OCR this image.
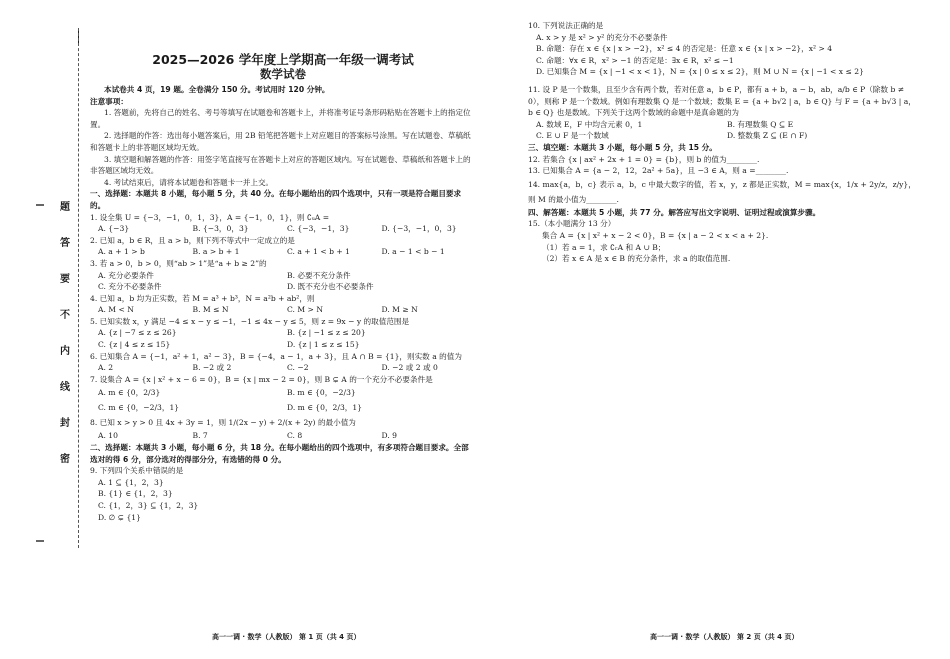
题
答
要
不
内
线
封
密
2025—2026 学年度上学期高一年级一调考试
数学试卷
本试卷共 4 页，19 题。全卷满分 150 分。考试用时 120 分钟。
注意事项：
1. 答题前，先将自己的姓名、考号等填写在试题卷和答题卡上，并将准考证号条形码粘贴在答题卡上的指定位置。
2. 选择题的作答：选出每小题答案后，用 2B 铅笔把答题卡上对应题目的答案标号涂黑。写在试题卷、草稿纸和答题卡上的非答题区域均无效。
3. 填空题和解答题的作答：用签字笔直接写在答题卡上对应的答题区域内。写在试题卷、草稿纸和答题卡上的非答题区域均无效。
4. 考试结束后，请将本试题卷和答题卡一并上交。
一、选择题：本题共 8 小题，每小题 5 分，共 40 分。在每小题给出的四个选项中，只有一项是符合题目要求的。
1. 设全集 U = {−3，−1，0，1，3}，A = {−1，0，1}，则 ∁ᵤA =
A. {−3}	B. {−3，0，3}	C. {−3，−1，3}	D. {−3，−1，0，3}
2. 已知 a，b ∈ R，且 a > b，则下列不等式中一定成立的是
A. a + 1 > b	B. a > b + 1	C. a + 1 < b + 1	D. a − 1 < b − 1
3. 若 a > 0，b > 0，则“ab > 1”是“a + b ≥ 2”的
A. 充分必要条件	B. 必要不充分条件
C. 充分不必要条件	D. 既不充分也不必要条件
4. 已知 a，b 均为正实数，若 M = a³ + b³，N = a²b + ab²，则
A. M < N	B. M ≤ N	C. M > N	D. M ≥ N
5. 已知实数 x，y 满足 −4 ≤ x − y ≤ −1，−1 ≤ 4x − y ≤ 5，则 z = 9x − y 的取值范围是
A. {z | −7 ≤ z ≤ 26}	B. {z | −1 ≤ z ≤ 20}
C. {z | 4 ≤ z ≤ 15}	D. {z | 1 ≤ z ≤ 15}
6. 已知集合 A = {−1，a² + 1，a² − 3}，B = {−4，a − 1，a + 3}，且 A ∩ B = {1}，则实数 a 的值为
A. 2	B. −2 或 2	C. −2	D. −2 或 2 或 0
7. 设集合 A = {x | x² + x − 6 = 0}，B = {x | mx − 2 = 0}，则 B ⊊ A 的一个充分不必要条件是
A. m ∈ {0，2/3}	B. m ∈ {0，−2/3}
C. m ∈ {0，−2/3，1}	D. m ∈ {0，2/3，1}
8. 已知 x > y > 0 且 4x + 3y = 1，则 1/(2x − y) + 2/(x + 2y) 的最小值为
A. 10	B. 7	C. 8	D. 9
二、选择题：本题共 3 小题，每小题 6 分，共 18 分。在每小题给出的四个选项中，有多项符合题目要求。全部选对的得 6 分，部分选对的得部分分，有选错的得 0 分。
9. 下列四个关系中错误的是
A. 1 ⊆ {1，2，3}
B. {1} ∈ {1，2，3}
C. {1，2，3} ⊆ {1，2，3}
D. ∅ ⊊ {1}
高一一调 · 数学（人教版） 第 1 页（共 4 页）
10. 下列说法正确的是
A. x > y 是 x² > y² 的充分不必要条件
B. 命题：存在 x ∈ {x | x > −2}，x² ≤ 4 的否定是：任意 x ∈ {x | x > −2}，x² > 4
C. 命题：∀x ∈ R，x² > −1 的否定是：∃x ∈ R，x² ≤ −1
D. 已知集合 M = {x | −1 < x < 1}，N = {x | 0 ≤ x ≤ 2}，则 M ∪ N = {x | −1 < x ≤ 2}
11. 设 P 是一个数集，且至少含有两个数，若对任意 a，b ∈ P，都有 a + b，a − b，ab，a/b ∈ P（除数 b ≠ 0），则称 P 是一个数域。例如有理数集 Q 是一个数域；数集 E = {a + b√2 | a，b ∈ Q} 与 F = {a + b√3 | a，b ∈ Q} 也是数域。下列关于这两个数域的命题中是真命题的为
A. 数域 E，F 中均含元素 0，1	B. 有理数集 Q ⊆ E
C. E ∪ F 是一个数域	D. 整数集 Z ⊆ (E ∩ F)
三、填空题：本题共 3 小题，每小题 5 分，共 15 分。
12. 若集合 {x | ax² + 2x + 1 = 0} = {b}，则 b 的值为________.
13. 已知集合 A = {a − 2，12，2a² + 5a}，且 −3 ∈ A，则 a =________.
14. max{a，b，c} 表示 a，b，c 中最大数字的值，若 x，y，z 都是正实数，M = max{x，1/x + 2y/z，z/y}，则 M 的最小值为________.
四、解答题：本题共 5 小题，共 77 分。解答应写出文字说明、证明过程或演算步骤。
15.（本小题满分 13 分）
集合 A = {x | x² + x − 2 < 0}，B = {x | a − 2 < x < a + 2}.
（1）若 a = 1，求 ∁ᵣA 和 A ∪ B；
（2）若 x ∈ A 是 x ∈ B 的充分条件，求 a 的取值范围.
高一一调 · 数学（人教版） 第 2 页（共 4 页）
